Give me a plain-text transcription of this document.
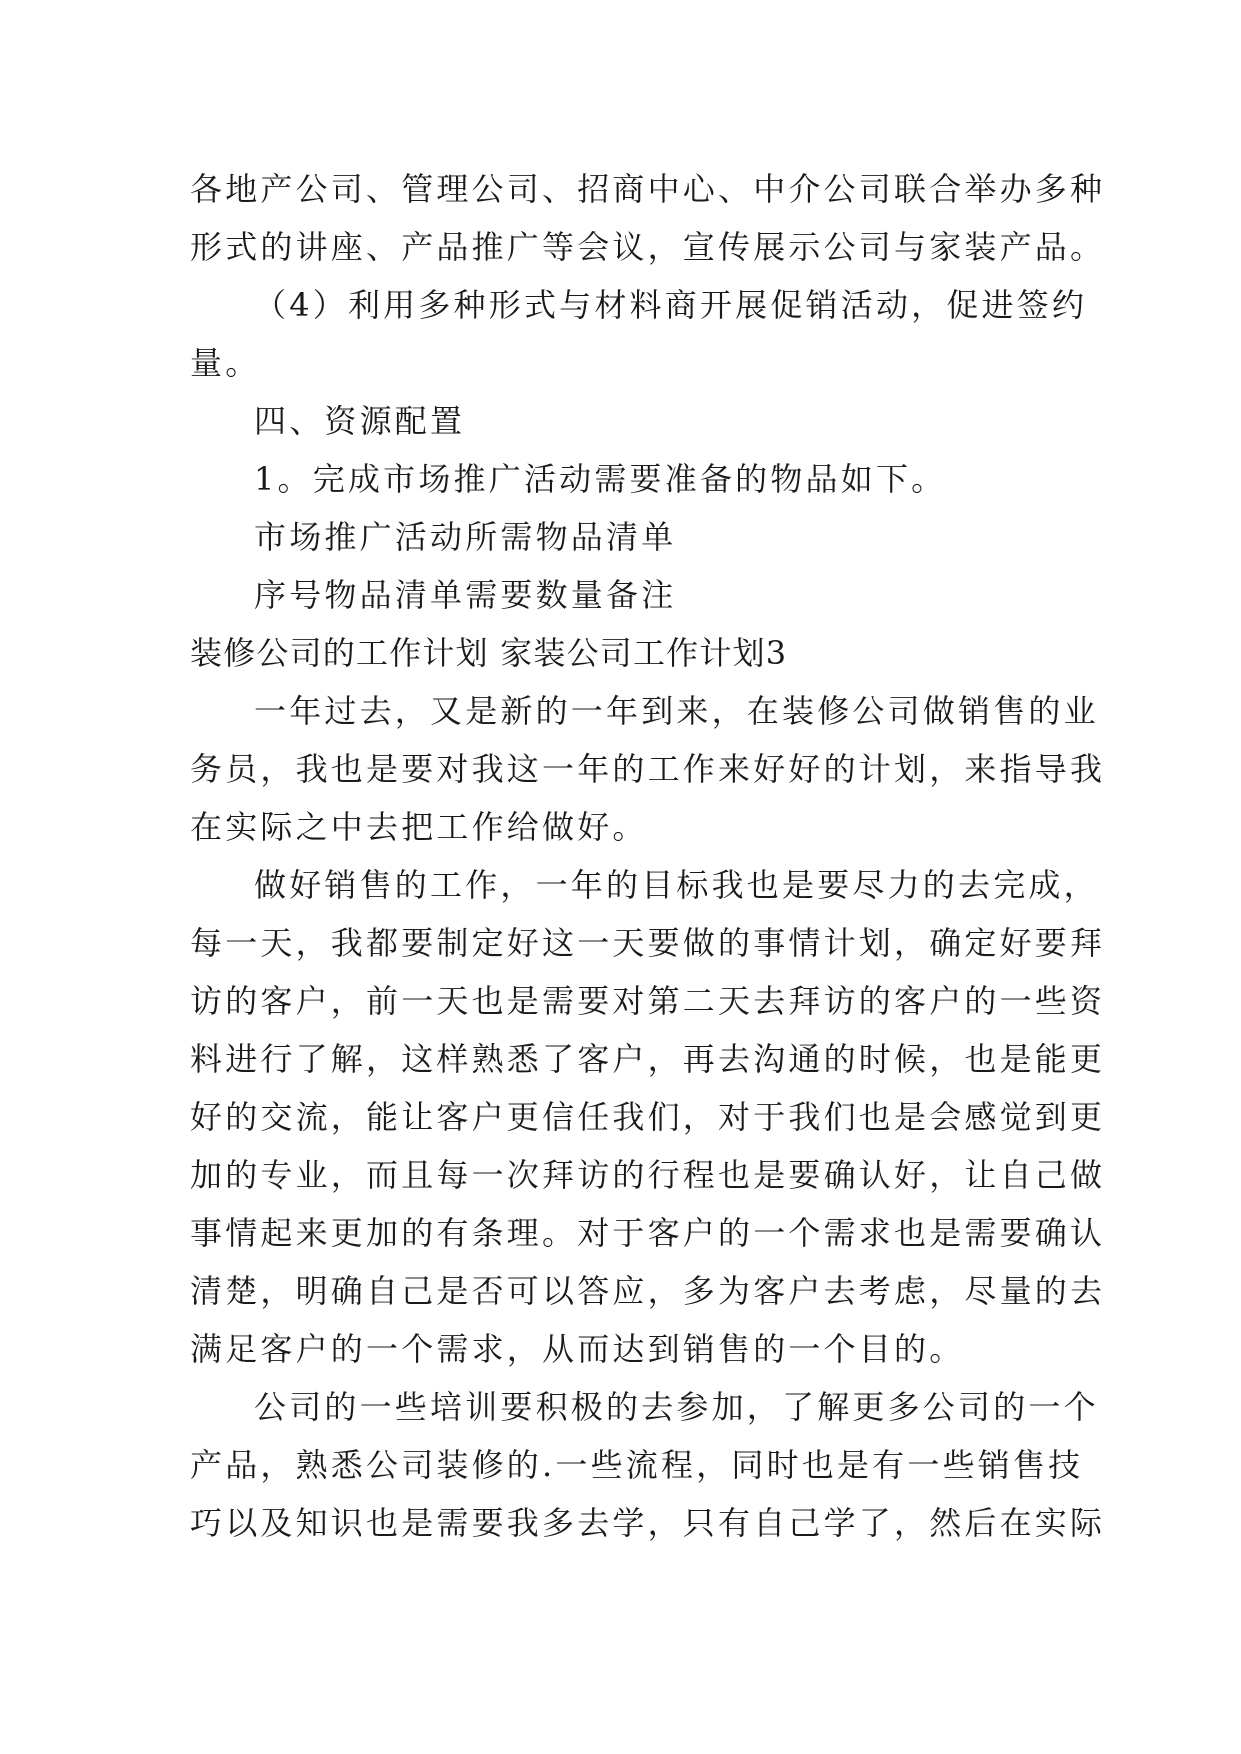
各地产公司、管理公司、招商中心、中介公司联合举办多种
形式的讲座、产品推广等会议，宣传展示公司与家装产品。
（4）利用多种形式与材料商开展促销活动，促进签约
量。
四、资源配置
1。完成市场推广活动需要准备的物品如下。
市场推广活动所需物品清单
序号物品清单需要数量备注
装修公司的工作计划 家装公司工作计划3
一年过去，又是新的一年到来，在装修公司做销售的业
务员，我也是要对我这一年的工作来好好的计划，来指导我
在实际之中去把工作给做好。
做好销售的工作，一年的目标我也是要尽力的去完成，
每一天，我都要制定好这一天要做的事情计划，确定好要拜
访的客户，前一天也是需要对第二天去拜访的客户的一些资
料进行了解，这样熟悉了客户，再去沟通的时候，也是能更
好的交流，能让客户更信任我们，对于我们也是会感觉到更
加的专业，而且每一次拜访的行程也是要确认好，让自己做
事情起来更加的有条理。对于客户的一个需求也是需要确认
清楚，明确自己是否可以答应，多为客户去考虑，尽量的去
满足客户的一个需求，从而达到销售的一个目的。
公司的一些培训要积极的去参加，了解更多公司的一个
产品，熟悉公司装修的.一些流程，同时也是有一些销售技
巧以及知识也是需要我多去学，只有自己学了，然后在实际
